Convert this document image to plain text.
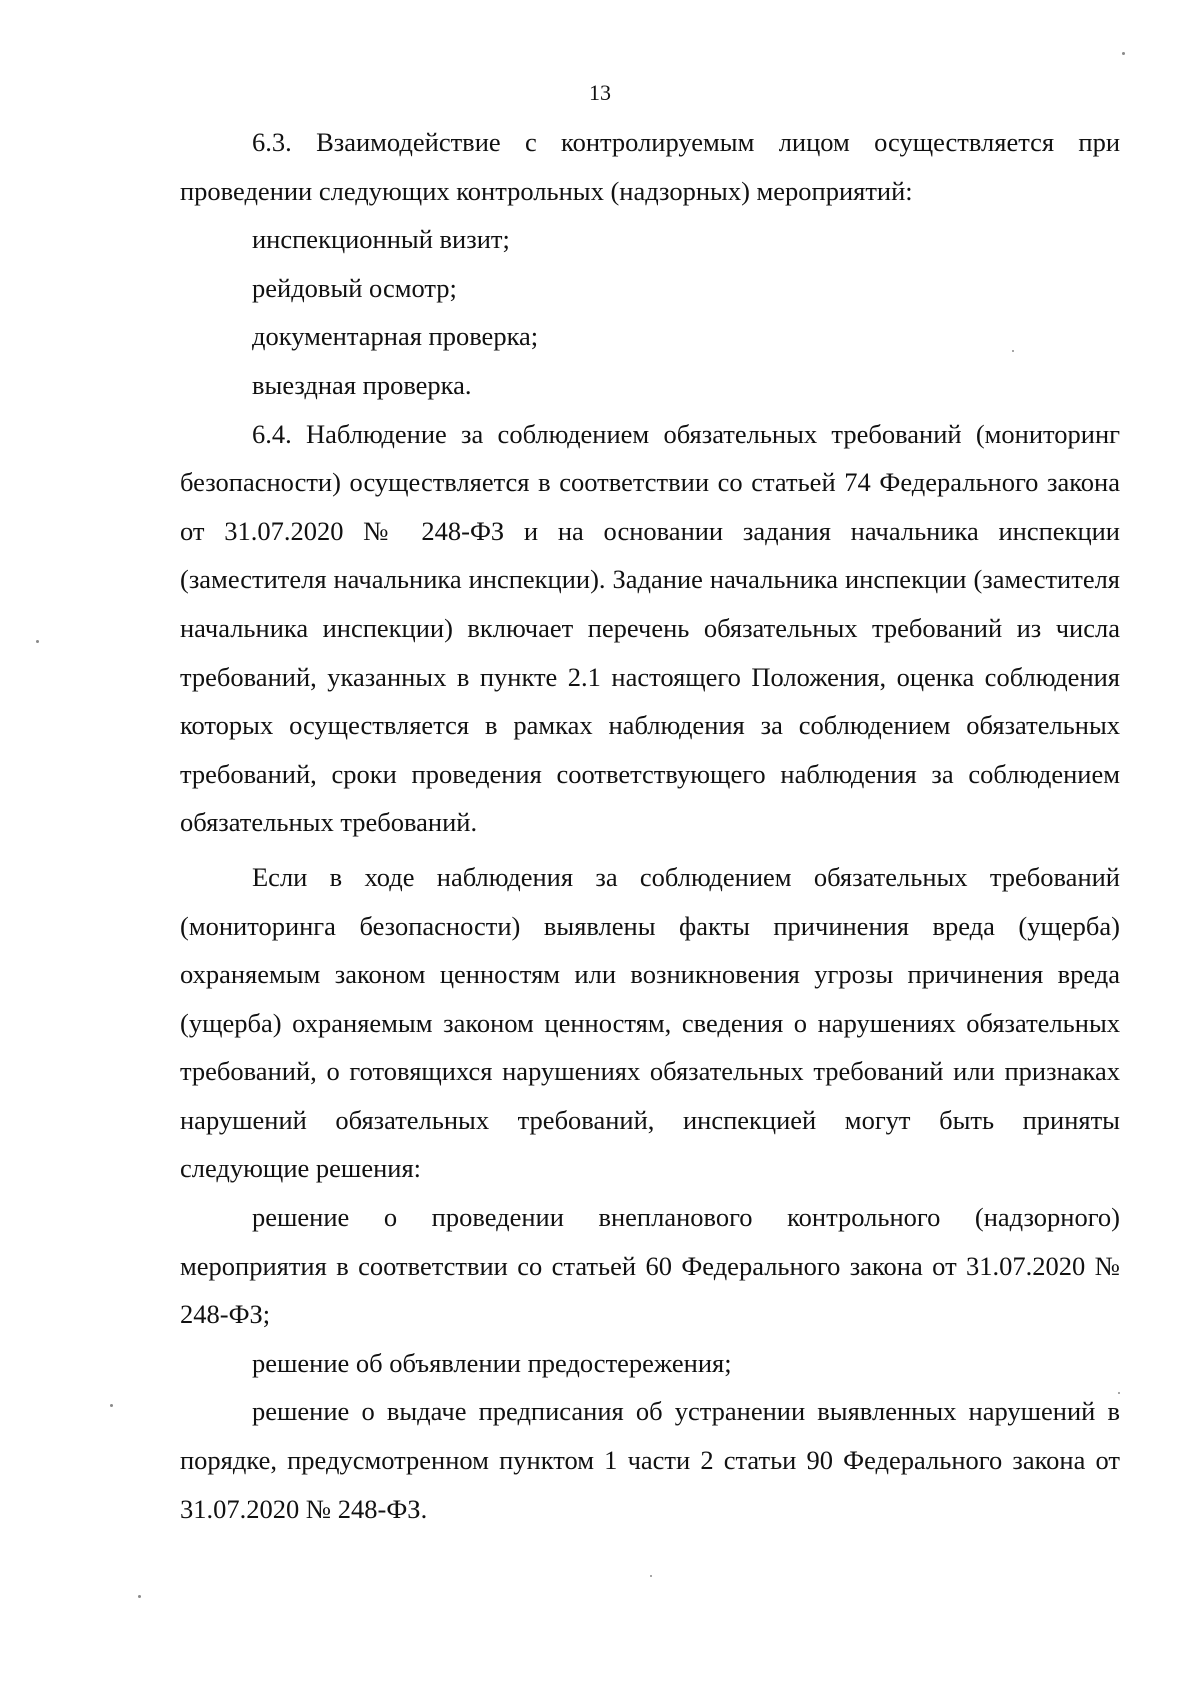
13

6.3. Взаимодействие с контролируемым лицом осуществляется при проведении следующих контрольных (надзорных) мероприятий:

инспекционный визит;

рейдовый осмотр;

документарная проверка;

выездная проверка.

6.4. Наблюдение за соблюдением обязательных требований (мониторинг безопасности) осуществляется в соответствии со статьей 74 Федерального закона от 31.07.2020 № 248-ФЗ и на основании задания начальника инспекции (заместителя начальника инспекции). Задание начальника инспекции (заместителя начальника инспекции) включает перечень обязательных требований из числа требований, указанных в пункте 2.1 настоящего Положения, оценка соблюдения которых осуществляется в рамках наблюдения за соблюдением обязательных требований, сроки проведения соответствующего наблюдения за соблюдением обязательных требований.

Если в ходе наблюдения за соблюдением обязательных требований (мониторинга безопасности) выявлены факты причинения вреда (ущерба) охраняемым законом ценностям или возникновения угрозы причинения вреда (ущерба) охраняемым законом ценностям, сведения о нарушениях обязательных требований, о готовящихся нарушениях обязательных требований или признаках нарушений обязательных требований, инспекцией могут быть приняты следующие решения:

решение о проведении внепланового контрольного (надзорного) мероприятия в соответствии со статьей 60 Федерального закона от 31.07.2020 № 248-ФЗ;

решение об объявлении предостережения;

решение о выдаче предписания об устранении выявленных нарушений в порядке, предусмотренном пунктом 1 части 2 статьи 90 Федерального закона от 31.07.2020 № 248-ФЗ.
